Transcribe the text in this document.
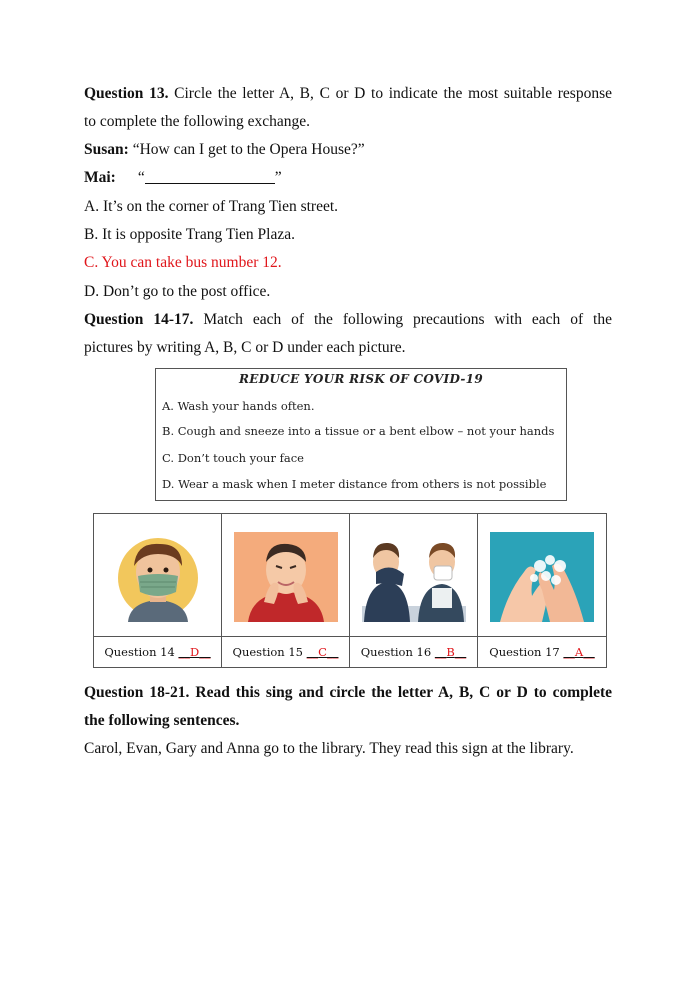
Question 13. Circle the letter A, B, C or D to indicate the most suitable response
to complete the following exchange.
Susan: “How can I get to the Opera House?”
Mai: “	”
A. It’s on the corner of Trang Tien street.
B. It is opposite Trang Tien Plaza.
C. You can take bus number 12.
D. Don’t go to the post office.
Question 14-17. Match each of the following precautions with each of the
pictures by writing A, B, C or D under each picture.
REDUCE YOUR RISK OF COVID-19
A. Wash your hands often.
B. Cough and sneeze into a tissue or a bent elbow – not your hands
C. Don’t touch your face
D. Wear a mask when I meter distance from others is not possible
Question 14 __D__	Question 15 __C__	Question 16 __B__	Question 17 __A__
Question 18-21. Read this sing and circle the letter A, B, C or D to complete
the following sentences.
Carol, Evan, Gary and Anna go to the library. They read this sign at the library.
